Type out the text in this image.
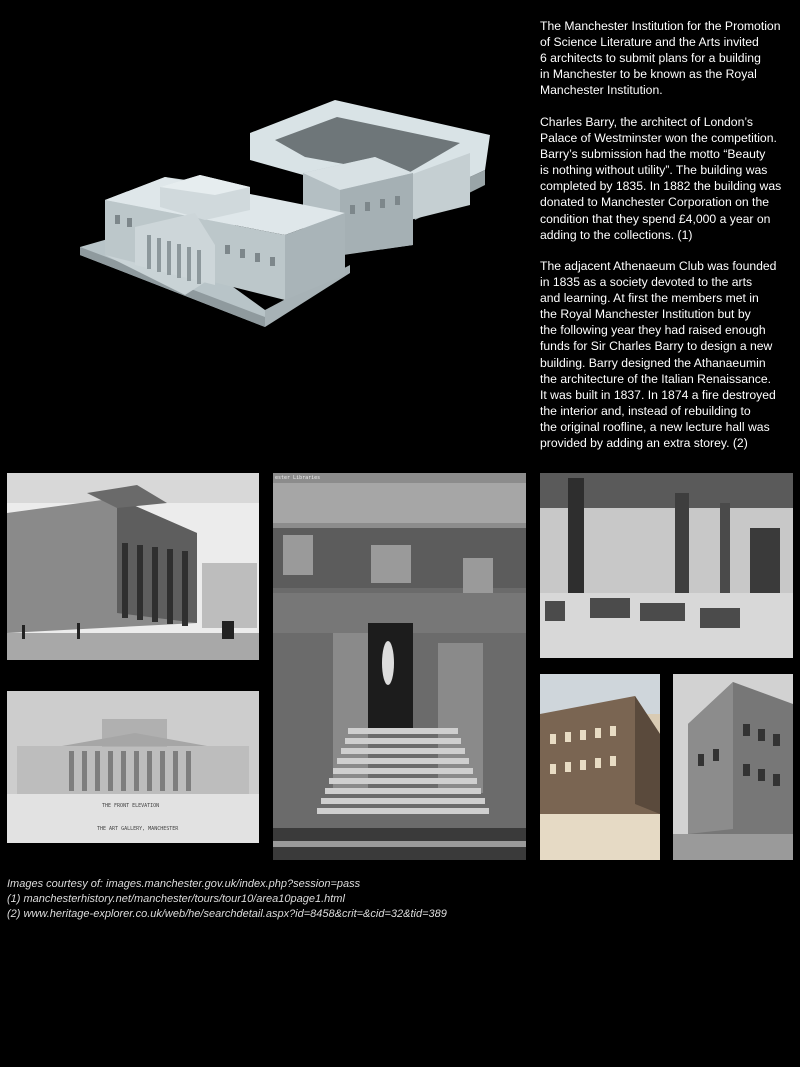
The Manchester Institution for the Promotion
of Science Literature and the Arts invited
6 architects to submit plans for a building
in Manchester to be known as the Royal
Manchester Institution.
Charles Barry, the architect of London’s
Palace of Westminster won the competition.
Barry’s submission had the motto “Beauty
is nothing without utility”. The building was
completed by 1835. In 1882 the building was
donated to Manchester Corporation on the
condition that they spend £4,000 a year on
adding to the collections. (1)
The adjacent Athenaeum Club was founded
in 1835 as a society devoted to the arts
and learning. At first the members met in
the Royal Manchester Institution but by
the following year they had raised enough
funds for Sir Charles Barry to design a new
building. Barry designed the Athanaeumin
the architecture of the Italian Renaissance.
It was built in 1837. In 1874 a fire destroyed
the interior and, instead of rebuilding to
the original roofline, a new lecture hall was
provided by adding an extra storey. (2)
ester Libraries
THE FRONT ELEVATION
THE ART GALLERY, MANCHESTER
Images courtesy of: images.manchester.gov.uk/index.php?session=pass
(1) manchesterhistory.net/manchester/tours/tour10/area10page1.html
(2) www.heritage-explorer.co.uk/web/he/searchdetail.aspx?id=8458&crit=&cid=32&tid=389
